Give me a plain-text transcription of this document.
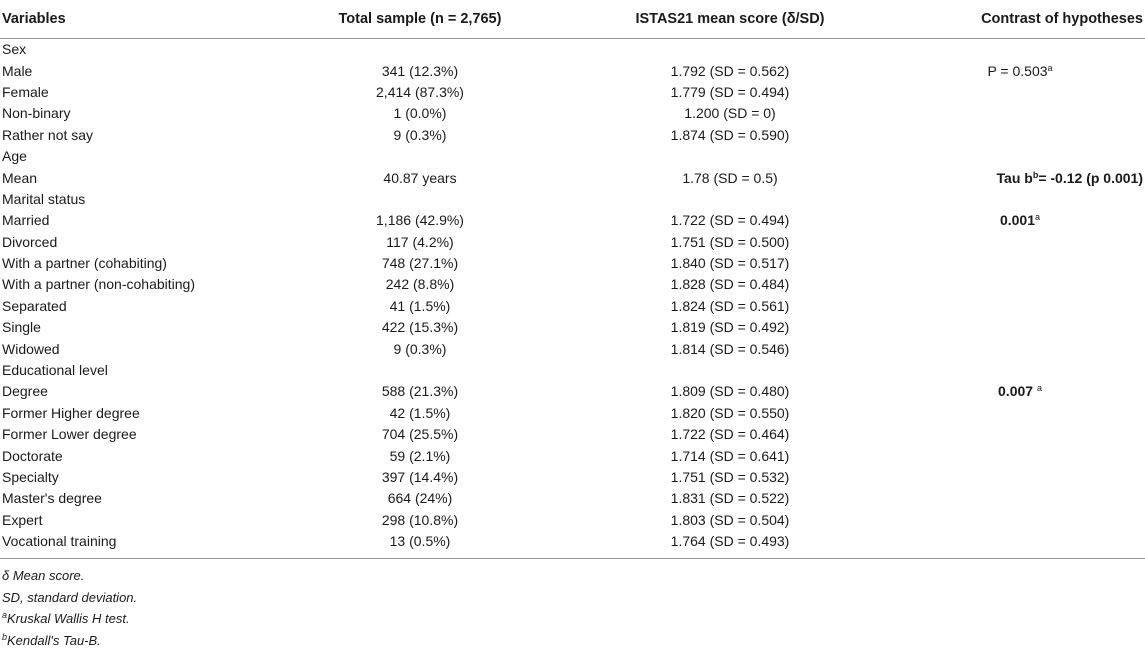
Variables	Total sample (n = 2,765)	ISTAS21 mean score (δ/SD)	Contrast of hypotheses
Sex			
Male	341 (12.3%)	1.792 (SD = 0.562)	P = 0.503$^a$
Female	2,414 (87.3%)	1.779 (SD = 0.494)	
Non-binary	1 (0.0%)	1.200 (SD = 0)	
Rather not say	9 (0.3%)	1.874 (SD = 0.590)	
Age			
Mean	40.87 years	1.78 (SD = 0.5)	Tau $b^b= -0.12$ (p 0.001)
Marital status			
Married	1,186 (42.9%)	1.722 (SD = 0.494)	0.001$^a$
Divorced	117 (4.2%)	1.751 (SD = 0.500)	
With a partner (cohabiting)	748 (27.1%)	1.840 (SD = 0.517)	
With a partner (non-cohabiting)	242 (8.8%)	1.828 (SD = 0.484)	
Separated	41 (1.5%)	1.824 (SD = 0.561)	
Single	422 (15.3%)	1.819 (SD = 0.492)	
Widowed	9 (0.3%)	1.814 (SD = 0.546)	
Educational level			
Degree	588 (21.3%)	1.809 (SD = 0.480)	0.007 $^a$
Former Higher degree	42 (1.5%)	1.820 (SD = 0.550)	
Former Lower degree	704 (25.5%)	1.722 (SD = 0.464)	
Doctorate	59 (2.1%)	1.714 (SD = 0.641)	
Specialty	397 (14.4%)	1.751 (SD = 0.532)	
Master's degree	664 (24%)	1.831 (SD = 0.522)	
Expert	298 (10.8%)	1.803 (SD = 0.504)	
Vocational training	13 (0.5%)	1.764 (SD = 0.493)	

δ Mean score.
SD, standard deviation.
$^a$Kruskal Wallis H test.
$^b$Kendall's Tau-B.
